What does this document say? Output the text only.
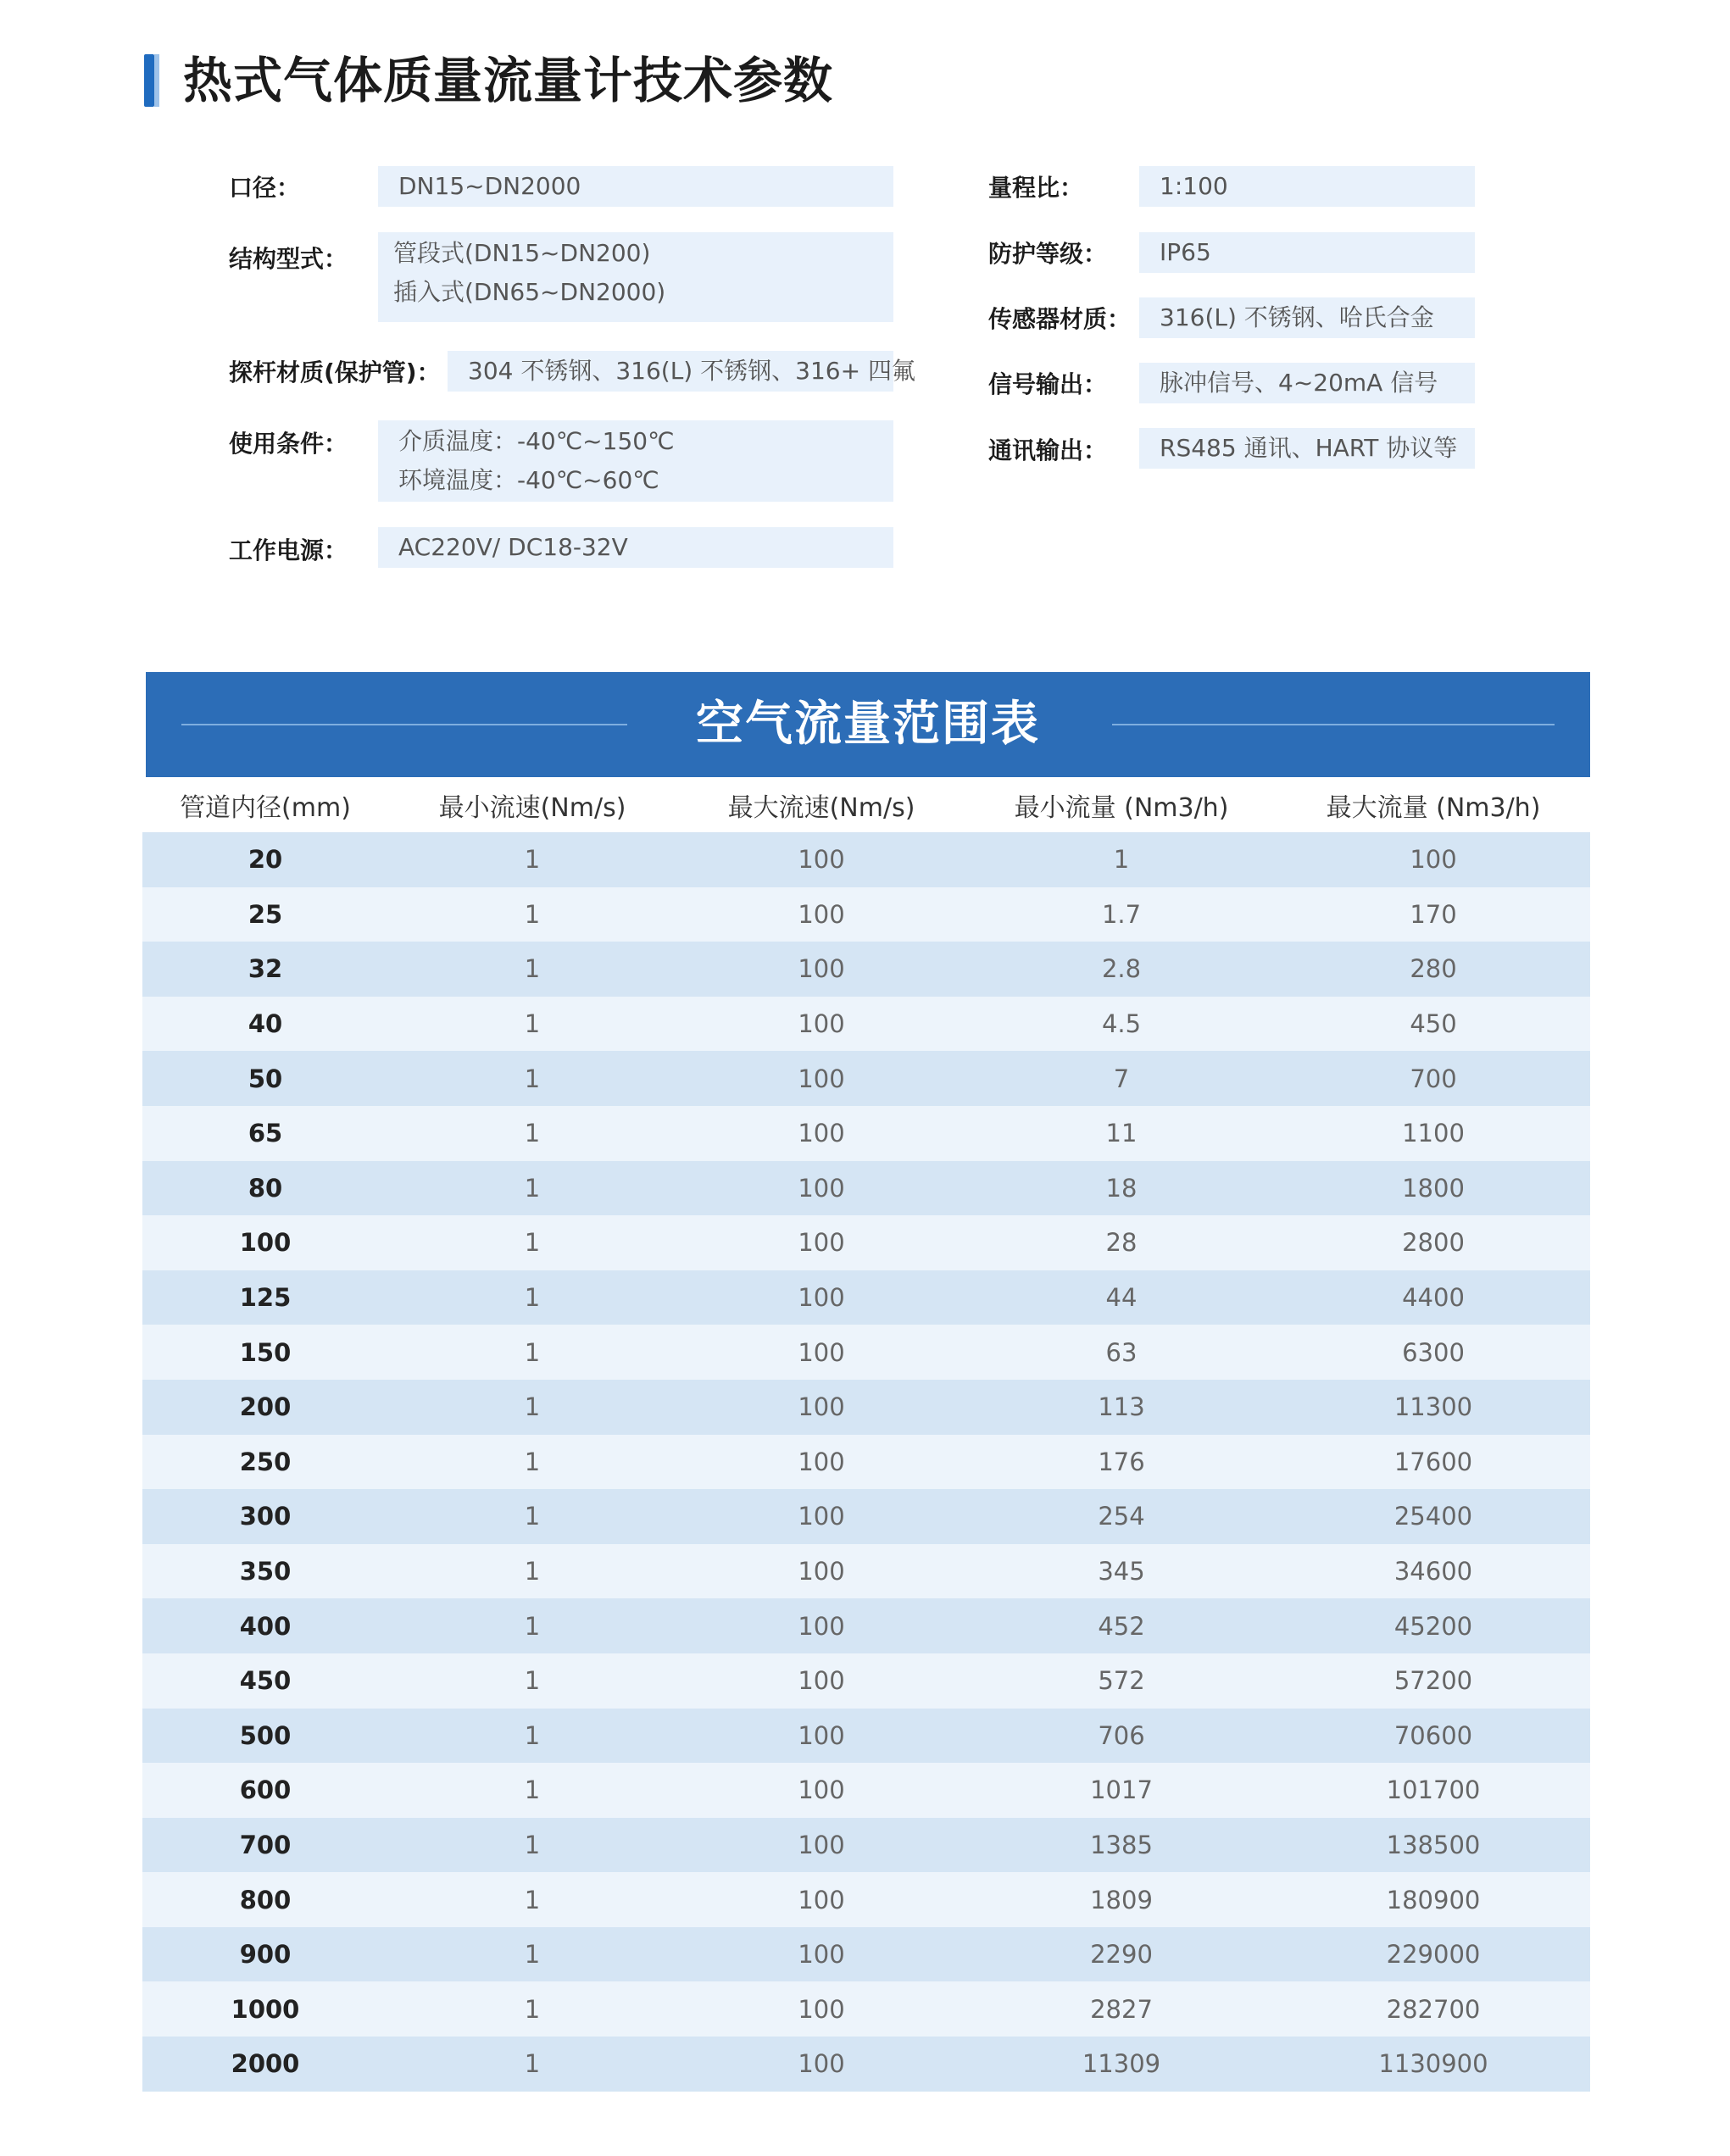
热式气体质量流量计技术参数
口径：	DN15~DN2000
结构型式： 管段式(DN15~DN200)
插入式(DN65~DN2000)
探杆材质(保护管)：	304 不锈钢、316(L) 不锈钢、316+ 四氟
使用条件： 介质温度：-40℃~150℃
环境温度：-40℃~60℃
工作电源：	AC220V/ DC18-32V
量程比：	1:100
防护等级：	IP65
传感器材质：	316(L) 不锈钢、哈氏合金
信号输出：	脉冲信号、4~20mA 信号
通讯输出：	RS485 通讯、HART 协议等
空气流量范围表
管道内径(mm)	最小流速(Nm/s)	最大流速(Nm/s)	最小流量 (Nm3/h)	最大流量 (Nm3/h)
20	1	100	1	100
25	1	100	1.7	170
32	1	100	2.8	280
40	1	100	4.5	450
50	1	100	7	700
65	1	100	11	1100
80	1	100	18	1800
100	1	100	28	2800
125	1	100	44	4400
150	1	100	63	6300
200	1	100	113	11300
250	1	100	176	17600
300	1	100	254	25400
350	1	100	345	34600
400	1	100	452	45200
450	1	100	572	57200
500	1	100	706	70600
600	1	100	1017	101700
700	1	100	1385	138500
800	1	100	1809	180900
900	1	100	2290	229000
1000	1	100	2827	282700
2000	1	100	11309	1130900
